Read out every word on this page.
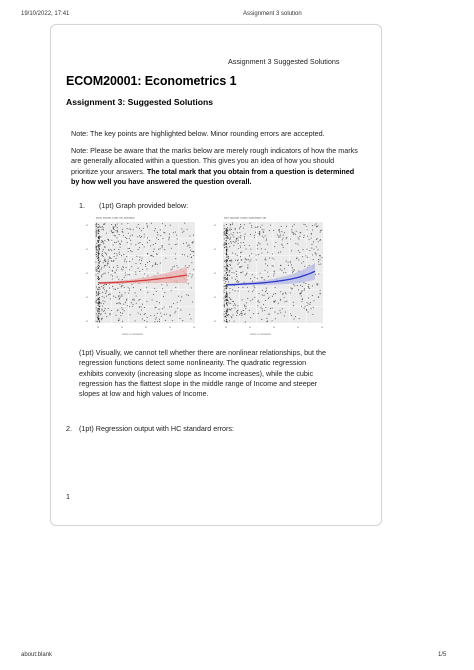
19/10/2022, 17:41	Assignment 3 solution
about:blank	1/5
Assignment 3 Suggested Solutions
ECOM20001: Econometrics 1
Assignment 3: Suggested Solutions
Note: The key points are highlighted below. Minor rounding errors are accepted.
Note: Please be aware that the marks below are merely rough indicators of how the marks
are generally allocated within a question. This gives you an idea of how you should
prioritize your answers. The total mark that you obtain from a question is determined
by how well you have answered the question overall.
1. (1pt) Graph provided below:
▪▪▪▪▪ ▪▪▪▪▪▪▪ ▪▪▪▪▪ ▪▪▪ ▪▪▪▪▪▪▪▪▪
▪▪
▪▪
▪▪
▪▪
▪▪
▪▪	▪▪	▪▪	▪▪	▪▪
▪▪▪▪▪▪ ▪▪ ▪▪▪▪▪▪▪▪▪▪
▪▪▪▪ ▪▪▪▪▪▪▪▪ ▪▪▪▪▪▪ ▪▪▪▪▪▪▪▪▪▪▪ ▪▪▪
▪▪
▪▪
▪▪
▪▪
▪▪
▪▪	▪▪	▪▪	▪▪	▪▪
▪▪▪▪▪▪ ▪▪ ▪▪▪▪▪▪▪▪▪▪
(1pt) Visually, we cannot tell whether there are nonlinear relationships, but the
regression functions detect some nonlinearity. The quadratic regression
exhibits convexity (increasing slope as Income increases), while the cubic
regression has the flattest slope in the middle range of Income and steeper
slopes at low and high values of Income.
2. (1pt) Regression output with HC standard errors:
1
